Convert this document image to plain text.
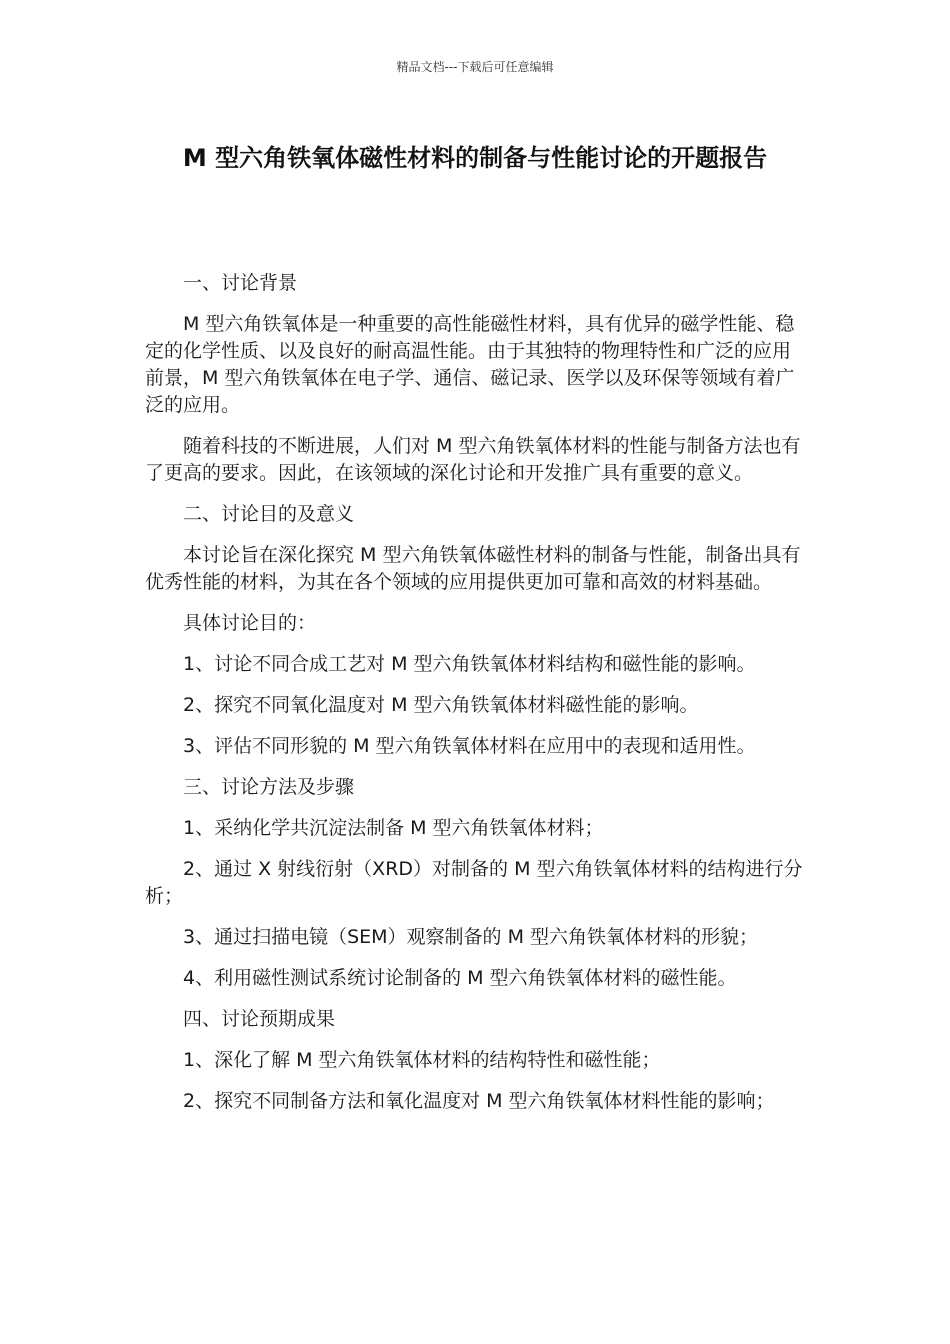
精品文档---下载后可任意编辑
M 型六角铁氧体磁性材料的制备与性能讨论的开题报告

一、讨论背景

M 型六角铁氧体是一种重要的高性能磁性材料，具有优异的磁学性能、稳定的化学性质、以及良好的耐高温性能。由于其独特的物理特性和广泛的应用前景，M 型六角铁氧体在电子学、通信、磁记录、医学以及环保等领域有着广泛的应用。

随着科技的不断进展，人们对 M 型六角铁氧体材料的性能与制备方法也有了更高的要求。因此，在该领域的深化讨论和开发推广具有重要的意义。

二、讨论目的及意义

本讨论旨在深化探究 M 型六角铁氧体磁性材料的制备与性能，制备出具有优秀性能的材料，为其在各个领域的应用提供更加可靠和高效的材料基础。

具体讨论目的：

1、讨论不同合成工艺对 M 型六角铁氧体材料结构和磁性能的影响。

2、探究不同氧化温度对 M 型六角铁氧体材料磁性能的影响。

3、评估不同形貌的 M 型六角铁氧体材料在应用中的表现和适用性。

三、讨论方法及步骤

1、采纳化学共沉淀法制备 M 型六角铁氧体材料；

2、通过 X 射线衍射（XRD）对制备的 M 型六角铁氧体材料的结构进行分析；

3、通过扫描电镜（SEM）观察制备的 M 型六角铁氧体材料的形貌；

4、利用磁性测试系统讨论制备的 M 型六角铁氧体材料的磁性能。

四、讨论预期成果

1、深化了解 M 型六角铁氧体材料的结构特性和磁性能；

2、探究不同制备方法和氧化温度对 M 型六角铁氧体材料性能的影响；
